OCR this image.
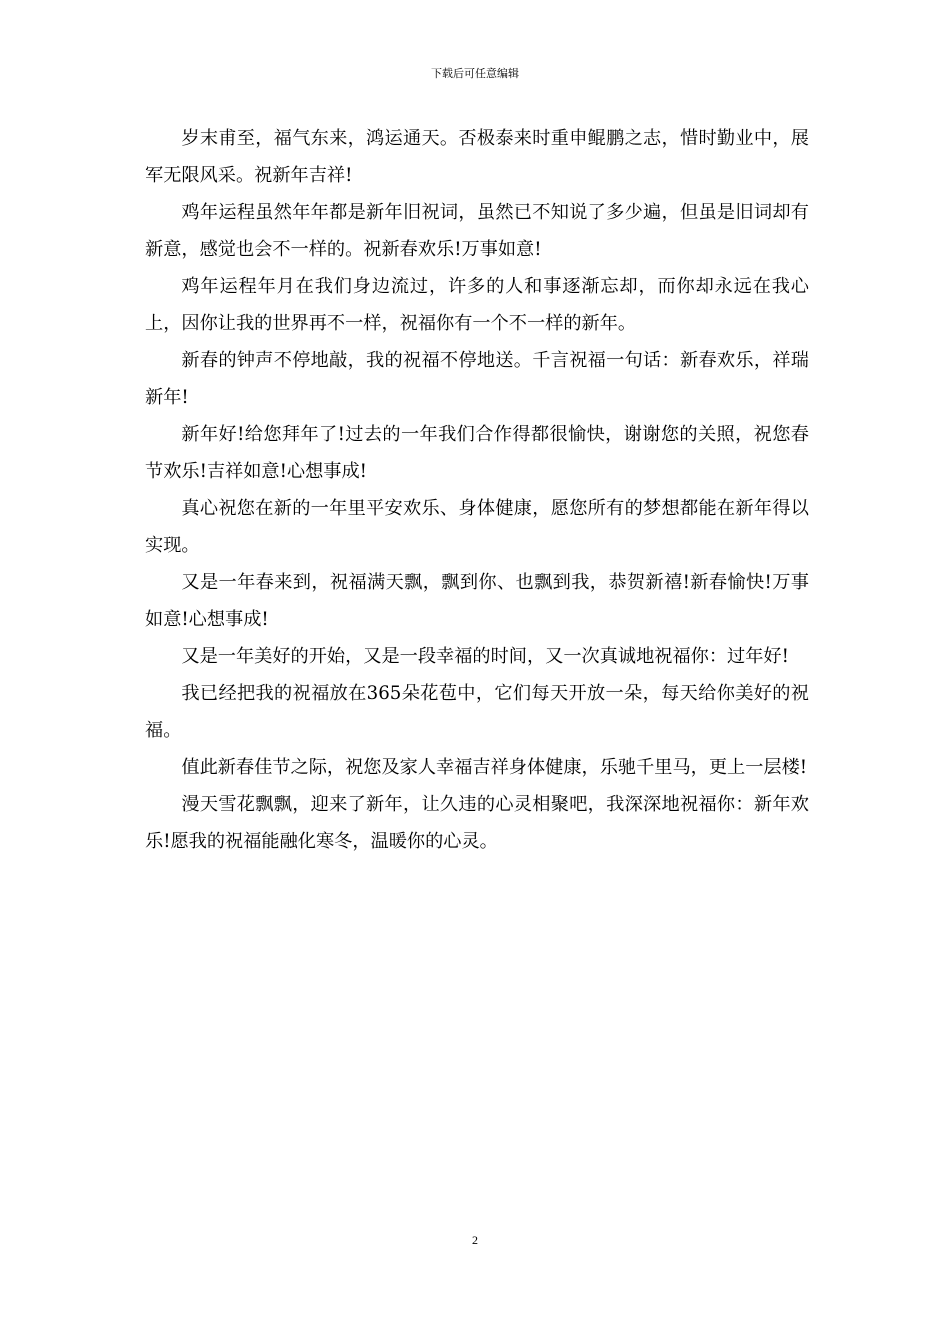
下载后可任意编辑

岁末甫至，福气东来，鸿运通天。否极泰来时重申鲲鹏之志，惜时勤业中，展军无限风采。祝新年吉祥!

鸡年运程虽然年年都是新年旧祝词，虽然已不知说了多少遍，但虽是旧词却有新意，感觉也会不一样的。祝新春欢乐!万事如意!

鸡年运程年月在我们身边流过，许多的人和事逐渐忘却，而你却永远在我心上，因你让我的世界再不一样，祝福你有一个不一样的新年。

新春的钟声不停地敲，我的祝福不停地送。千言祝福一句话：新春欢乐，祥瑞新年!

新年好!给您拜年了!过去的一年我们合作得都很愉快，谢谢您的关照，祝您春节欢乐!吉祥如意!心想事成!

真心祝您在新的一年里平安欢乐、身体健康，愿您所有的梦想都能在新年得以实现。

又是一年春来到，祝福满天飘，飘到你、也飘到我，恭贺新禧!新春愉快!万事如意!心想事成!

又是一年美好的开始，又是一段幸福的时间，又一次真诚地祝福你：过年好!

我已经把我的祝福放在365朵花苞中，它们每天开放一朵，每天给你美好的祝福。

值此新春佳节之际，祝您及家人幸福吉祥身体健康，乐驰千里马，更上一层楼!

漫天雪花飘飘，迎来了新年，让久违的心灵相聚吧，我深深地祝福你：新年欢乐!愿我的祝福能融化寒冬，温暖你的心灵。

2
